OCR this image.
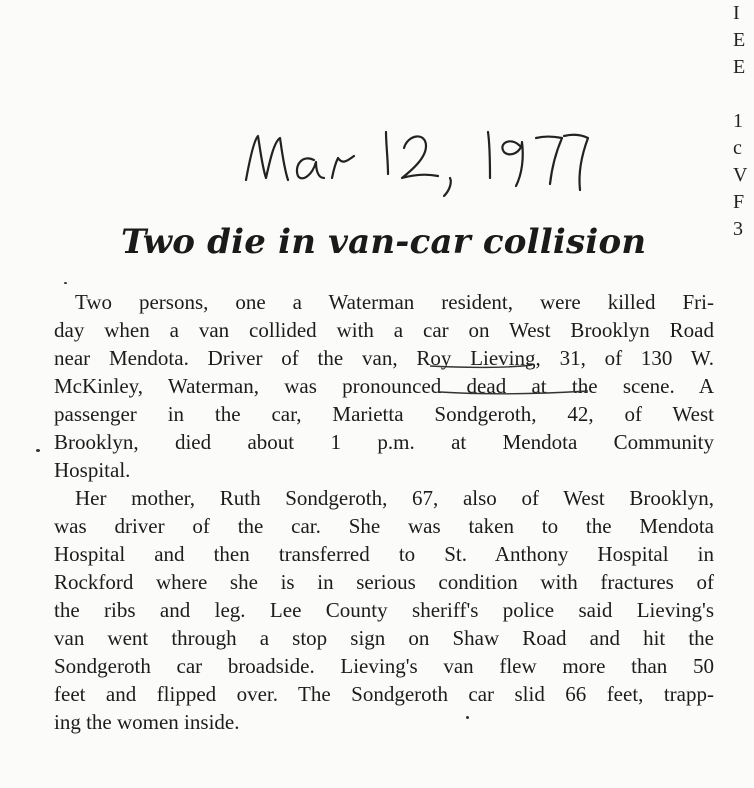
I
E
E
1
c
V
F
3
Two die in van-car collision
Two persons, one a Waterman resident, were killed Fri-
day when a van collided with a car on West Brooklyn Road
near Mendota. Driver of the van, Roy Lieving, 31, of 130 W.
McKinley, Waterman, was pronounced dead at the scene. A
passenger in the car, Marietta Sondgeroth, 42, of West
Brooklyn, died about 1 p.m. at Mendota Community
Hospital.
Her mother, Ruth Sondgeroth, 67, also of West Brooklyn,
was driver of the car. She was taken to the Mendota
Hospital and then transferred to St. Anthony Hospital in
Rockford where she is in serious condition with fractures of
the ribs and leg. Lee County sheriff's police said Lieving's
van went through a stop sign on Shaw Road and hit the
Sondgeroth car broadside. Lieving's van flew more than 50
feet and flipped over. The Sondgeroth car slid 66 feet, trapp-
ing the women inside.
